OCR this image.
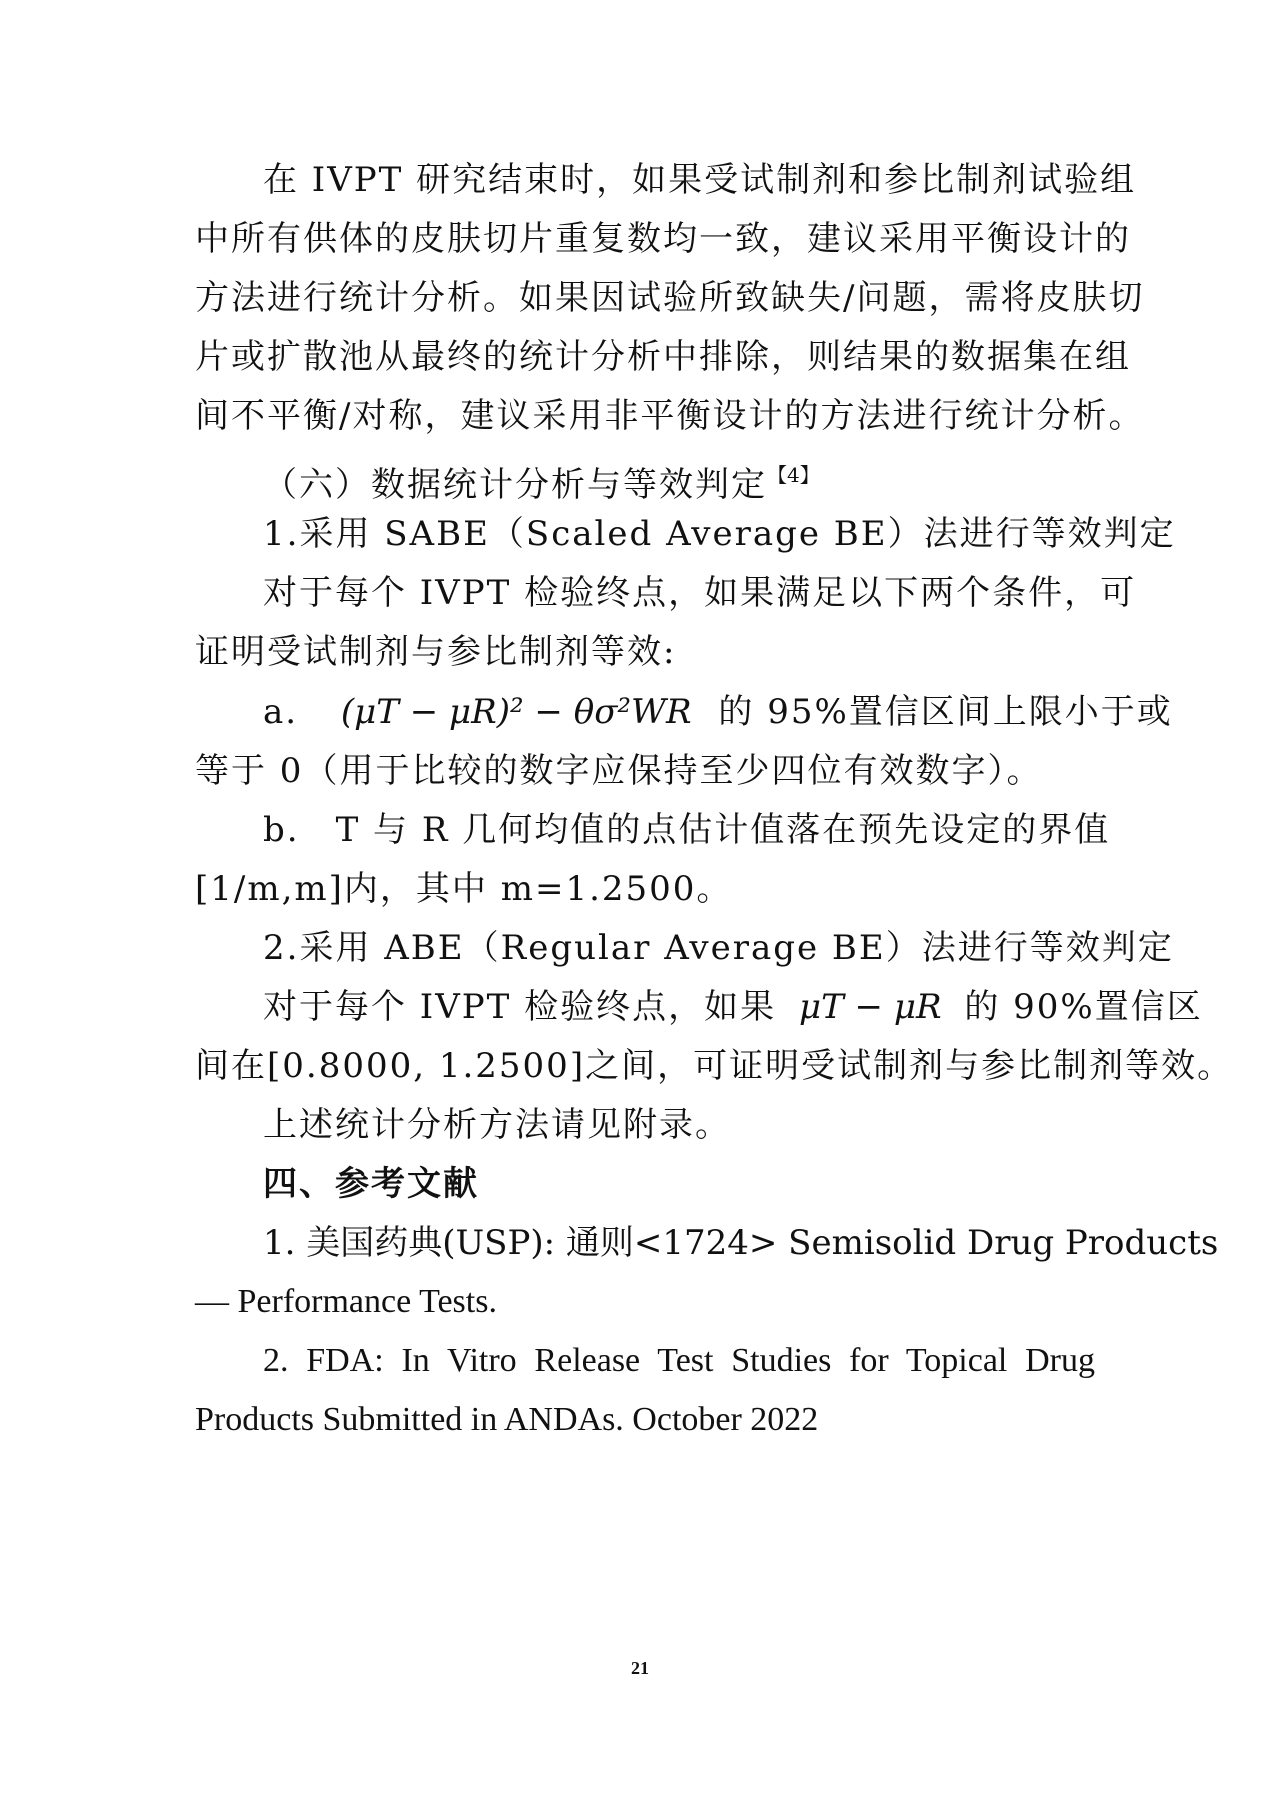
在 IVPT 研究结束时，如果受试制剂和参比制剂试验组
中所有供体的皮肤切片重复数均一致，建议采用平衡设计的
方法进行统计分析。如果因试验所致缺失/问题，需将皮肤切
片或扩散池从最终的统计分析中排除，则结果的数据集在组
间不平衡/对称，建议采用非平衡设计的方法进行统计分析。
（六）数据统计分析与等效判定$^{【4】}$
1.采用 SABE（Scaled Average BE）法进行等效判定
对于每个 IVPT 检验终点，如果满足以下两个条件，可
证明受试制剂与参比制剂等效:
a. (μT − μR)² − θσ²WR 的 95%置信区间上限小于或
等于 0（用于比较的数字应保持至少四位有效数字）。
b.　T 与 R 几何均值的点估计值落在预先设定的界值
[1/m,m]内，其中 m=1.2500。
2.采用 ABE（Regular Average BE）法进行等效判定
对于每个 IVPT 检验终点，如果 μT − μR 的 90%置信区
间在[0.8000, 1.2500]之间，可证明受试制剂与参比制剂等效。
上述统计分析方法请见附录。
四、参考文献
1. 美国药典(USP): 通则<1724> Semisolid Drug Products
— Performance Tests.
2. FDA: In Vitro Release Test Studies for Topical Drug
Products Submitted in ANDAs. October 2022
21
